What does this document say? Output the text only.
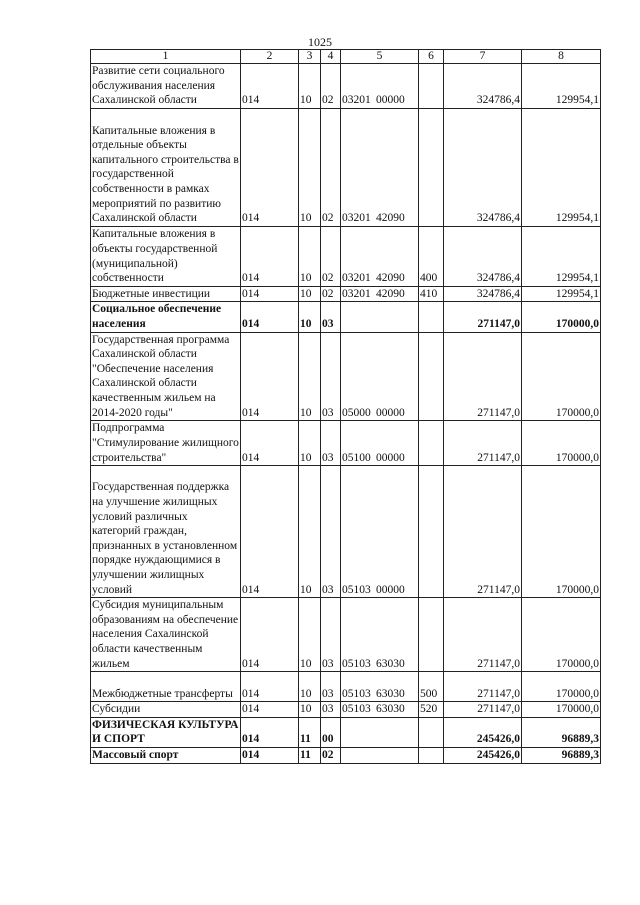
1025
1	2	3	4	5	6	7	8
Развитие сети социального обслуживания населения Сахалинской области	014	10	02	03201 00000		324786,4	129954,1
Капитальные вложения в отдельные объекты капитального строительства в государственной собственности в рамках мероприятий по развитию Сахалинской области	014	10	02	03201 42090		324786,4	129954,1
Капитальные вложения в объекты государственной (муниципальной) собственности	014	10	02	03201 42090	400	324786,4	129954,1
Бюджетные инвестиции	014	10	02	03201 42090	410	324786,4	129954,1
Социальное обеспечение населения	014	10	03			271147,0	170000,0
Государственная программа Сахалинской области "Обеспечение населения Сахалинской области качественным жильем на 2014-2020 годы"	014	10	03	05000 00000		271147,0	170000,0
Подпрограмма "Стимулирование жилищного строительства"	014	10	03	05100 00000		271147,0	170000,0
Государственная поддержка на улучшение жилищных условий различных категорий граждан, признанных в установленном порядке нуждающимися в улучшении жилищных условий	014	10	03	05103 00000		271147,0	170000,0
Субсидия муниципальным образованиям на обеспечение населения Сахалинской области качественным жильем	014	10	03	05103 63030		271147,0	170000,0
Межбюджетные трансферты	014	10	03	05103 63030	500	271147,0	170000,0
Субсидии	014	10	03	05103 63030	520	271147,0	170000,0
ФИЗИЧЕСКАЯ КУЛЬТУРА И СПОРТ	014	11	00			245426,0	96889,3
Массовый спорт	014	11	02			245426,0	96889,3
